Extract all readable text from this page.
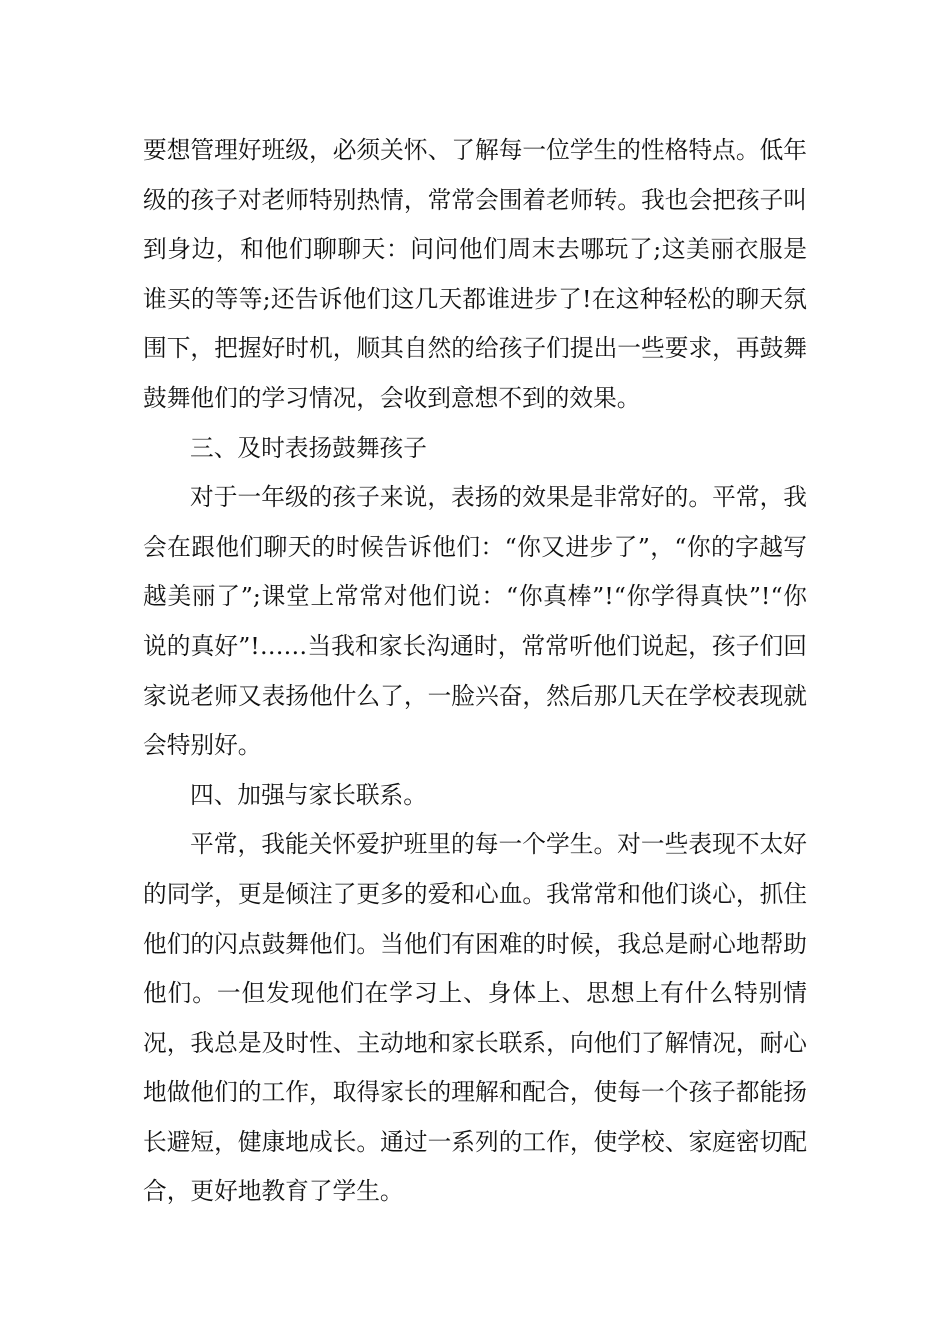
要想管理好班级，必须关怀、了解每一位学生的性格特点。低年级的孩子对老师特别热情，常常会围着老师转。我也会把孩子叫到身边，和他们聊聊天：问问他们周末去哪玩了;这美丽衣服是谁买的等等;还告诉他们这几天都谁进步了!在这种轻松的聊天氛围下，把握好时机，顺其自然的给孩子们提出一些要求，再鼓舞鼓舞他们的学习情况，会收到意想不到的效果。

三、及时表扬鼓舞孩子

对于一年级的孩子来说，表扬的效果是非常好的。平常，我会在跟他们聊天的时候告诉他们：“你又进步了”，“你的字越写越美丽了”;课堂上常常对他们说：“你真棒”!“你学得真快”!“你说的真好”!……当我和家长沟通时，常常听他们说起，孩子们回家说老师又表扬他什么了，一脸兴奋，然后那几天在学校表现就会特别好。

四、加强与家长联系。

平常，我能关怀爱护班里的每一个学生。对一些表现不太好的同学，更是倾注了更多的爱和心血。我常常和他们谈心，抓住他们的闪点鼓舞他们。当他们有困难的时候，我总是耐心地帮助他们。一但发现他们在学习上、身体上、思想上有什么特别情况，我总是及时性、主动地和家长联系，向他们了解情况，耐心地做他们的工作，取得家长的理解和配合，使每一个孩子都能扬长避短，健康地成长。通过一系列的工作，使学校、家庭密切配合，更好地教育了学生。
